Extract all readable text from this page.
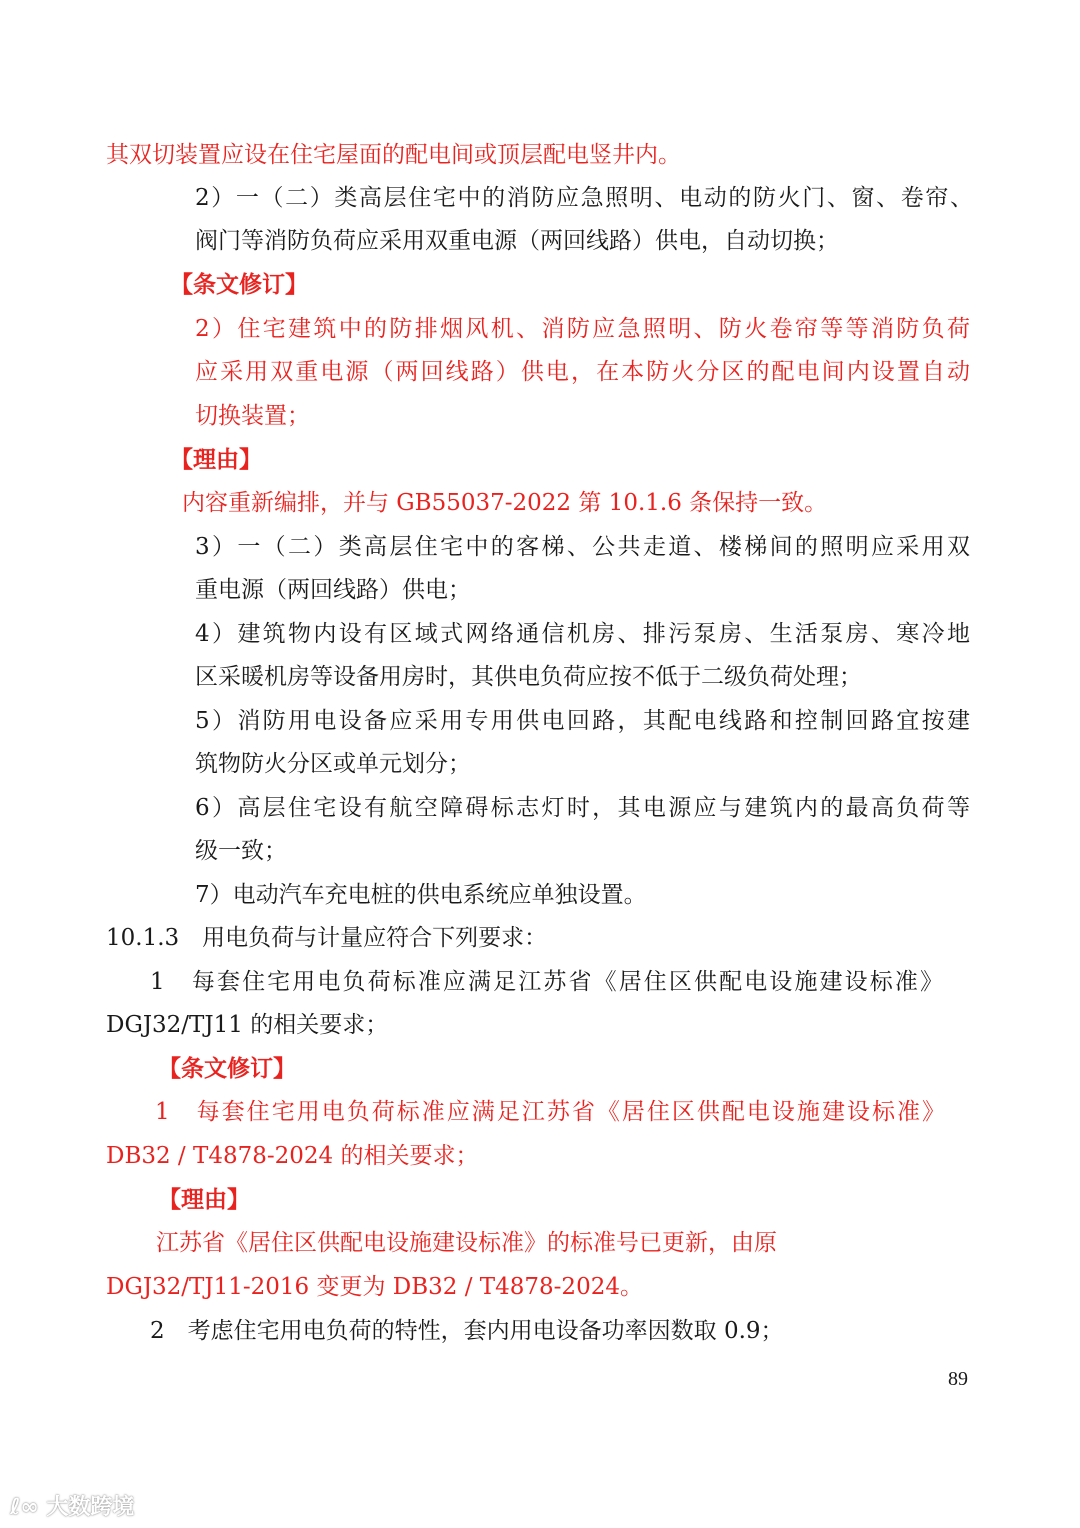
其双切装置应设在住宅屋面的配电间或顶层配电竖井内。
2）一（二）类高层住宅中的消防应急照明、电动的防火门、窗、卷帘、
阀门等消防负荷应采用双重电源（两回线路）供电，自动切换；
【条文修订】
2）住宅建筑中的防排烟风机、消防应急照明、防火卷帘等等消防负荷
应采用双重电源（两回线路）供电，在本防火分区的配电间内设置自动
切换装置；
【理由】
内容重新编排，并与 GB55037-2022 第 10.1.6 条保持一致。
3）一（二）类高层住宅中的客梯、公共走道、楼梯间的照明应采用双
重电源（两回线路）供电；
4）建筑物内设有区域式网络通信机房、排污泵房、生活泵房、寒冷地
区采暖机房等设备用房时，其供电负荷应按不低于二级负荷处理；
5）消防用电设备应采用专用供电回路，其配电线路和控制回路宜按建
筑物防火分区或单元划分；
6）高层住宅设有航空障碍标志灯时，其电源应与建筑内的最高负荷等
级一致；
7）电动汽车充电桩的供电系统应单独设置。
10.1.3　用电负荷与计量应符合下列要求：
1　每套住宅用电负荷标准应满足江苏省《居住区供配电设施建设标准》
DGJ32/TJ11 的相关要求；
【条文修订】
1　每套住宅用电负荷标准应满足江苏省《居住区供配电设施建设标准》
DB32 / T4878-2024 的相关要求；
【理由】
江苏省《居住区供配电设施建设标准》的标准号已更新，由原
DGJ32/TJ11-2016 变更为 DB32 / T4878-2024。
2　考虑住宅用电负荷的特性，套内用电设备功率因数取 0.9；
89
ℓ∞ 大数跨境
